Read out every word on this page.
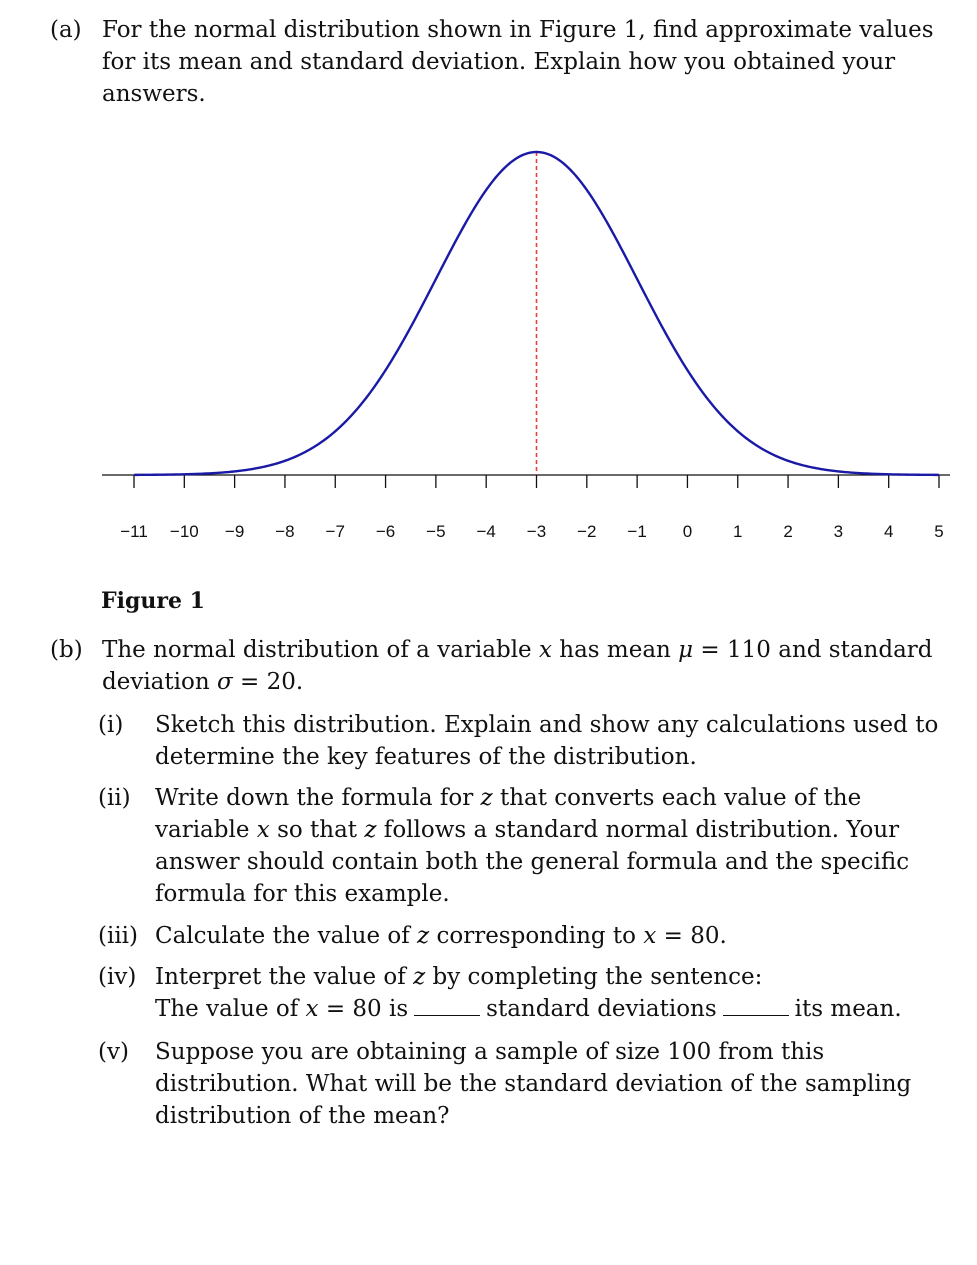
(a) For the normal distribution shown in Figure 1, find approximate values
for its mean and standard deviation. Explain how you obtained your
answers.
−11 −10 −9 −8 −7 −6 −5 −4 −3 −2 −1 0 1 2 3 4 5
Figure 1
(b) The normal distribution of a variable x has mean μ = 110 and standard
deviation σ = 20.
(i) Sketch this distribution. Explain and show any calculations used to
determine the key features of the distribution.
(ii) Write down the formula for z that converts each value of the
variable x so that z follows a standard normal distribution. Your
answer should contain both the general formula and the specific
formula for this example.
(iii) Calculate the value of z corresponding to x = 80.
(iv) Interpret the value of z by completing the sentence:
The value of x = 80 is	standard deviations	its mean.
(v) Suppose you are obtaining a sample of size 100 from this
distribution. What will be the standard deviation of the sampling
distribution of the mean?
